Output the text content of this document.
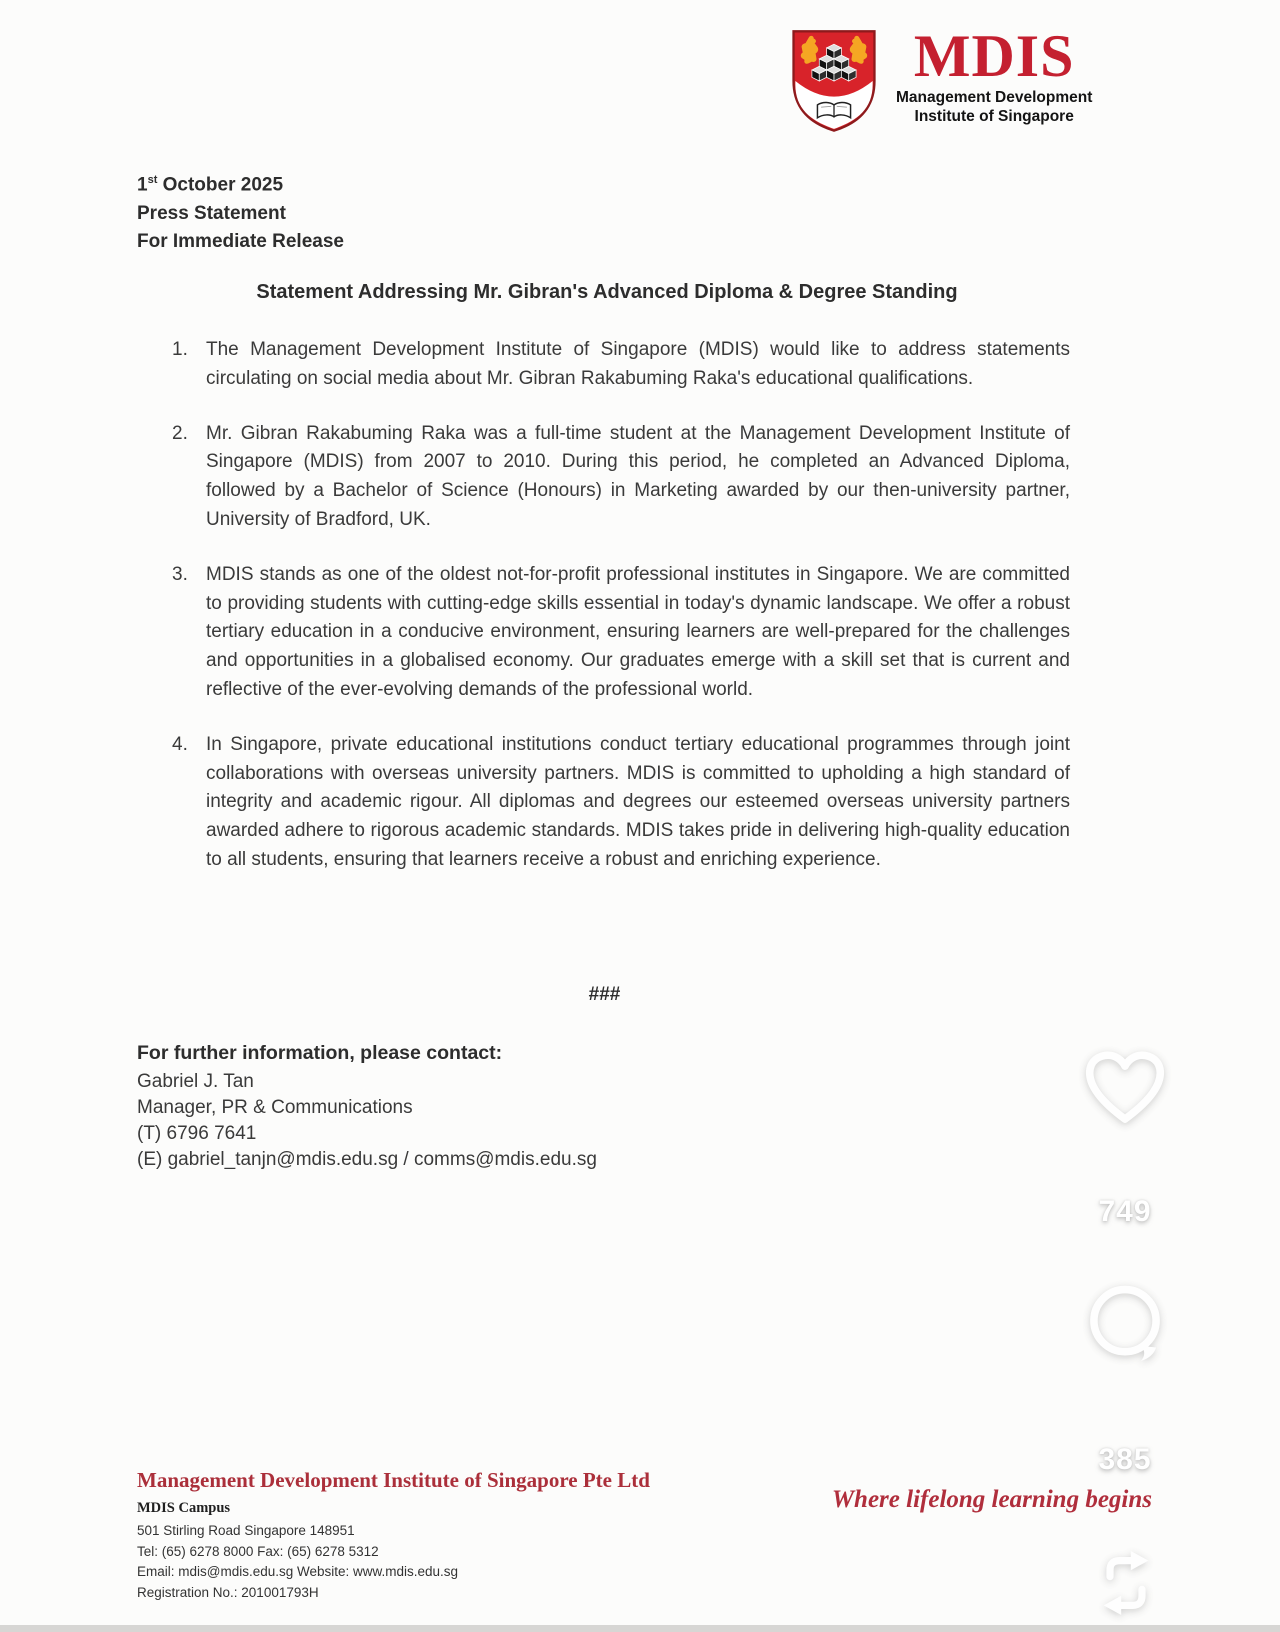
MDIS
Management Development
Institute of Singapore
1st October 2025
Press Statement
For Immediate Release
Statement Addressing Mr. Gibran's Advanced Diploma & Degree Standing
1. The Management Development Institute of Singapore (MDIS) would like to address statements circulating on social media about Mr. Gibran Rakabuming Raka's educational qualifications.
2. Mr. Gibran Rakabuming Raka was a full-time student at the Management Development Institute of Singapore (MDIS) from 2007 to 2010. During this period, he completed an Advanced Diploma, followed by a Bachelor of Science (Honours) in Marketing awarded by our then-university partner, University of Bradford, UK.
3. MDIS stands as one of the oldest not-for-profit professional institutes in Singapore. We are committed to providing students with cutting-edge skills essential in today's dynamic landscape. We offer a robust tertiary education in a conducive environment, ensuring learners are well-prepared for the challenges and opportunities in a globalised economy. Our graduates emerge with a skill set that is current and reflective of the ever-evolving demands of the professional world.
4. In Singapore, private educational institutions conduct tertiary educational programmes through joint collaborations with overseas university partners. MDIS is committed to upholding a high standard of integrity and academic rigour. All diplomas and degrees our esteemed overseas university partners awarded adhere to rigorous academic standards. MDIS takes pride in delivering high-quality education to all students, ensuring that learners receive a robust and enriching experience.
###
For further information, please contact:
Gabriel J. Tan
Manager, PR & Communications
(T) 6796 7641
(E) gabriel_tanjn@mdis.edu.sg / comms@mdis.edu.sg
Management Development Institute of Singapore Pte Ltd
MDIS Campus
501 Stirling Road Singapore 148951
Tel: (65) 6278 8000 Fax: (65) 6278 5312
Email: mdis@mdis.edu.sg Website: www.mdis.edu.sg
Registration No.: 201001793H
Where lifelong learning begins
749
385
